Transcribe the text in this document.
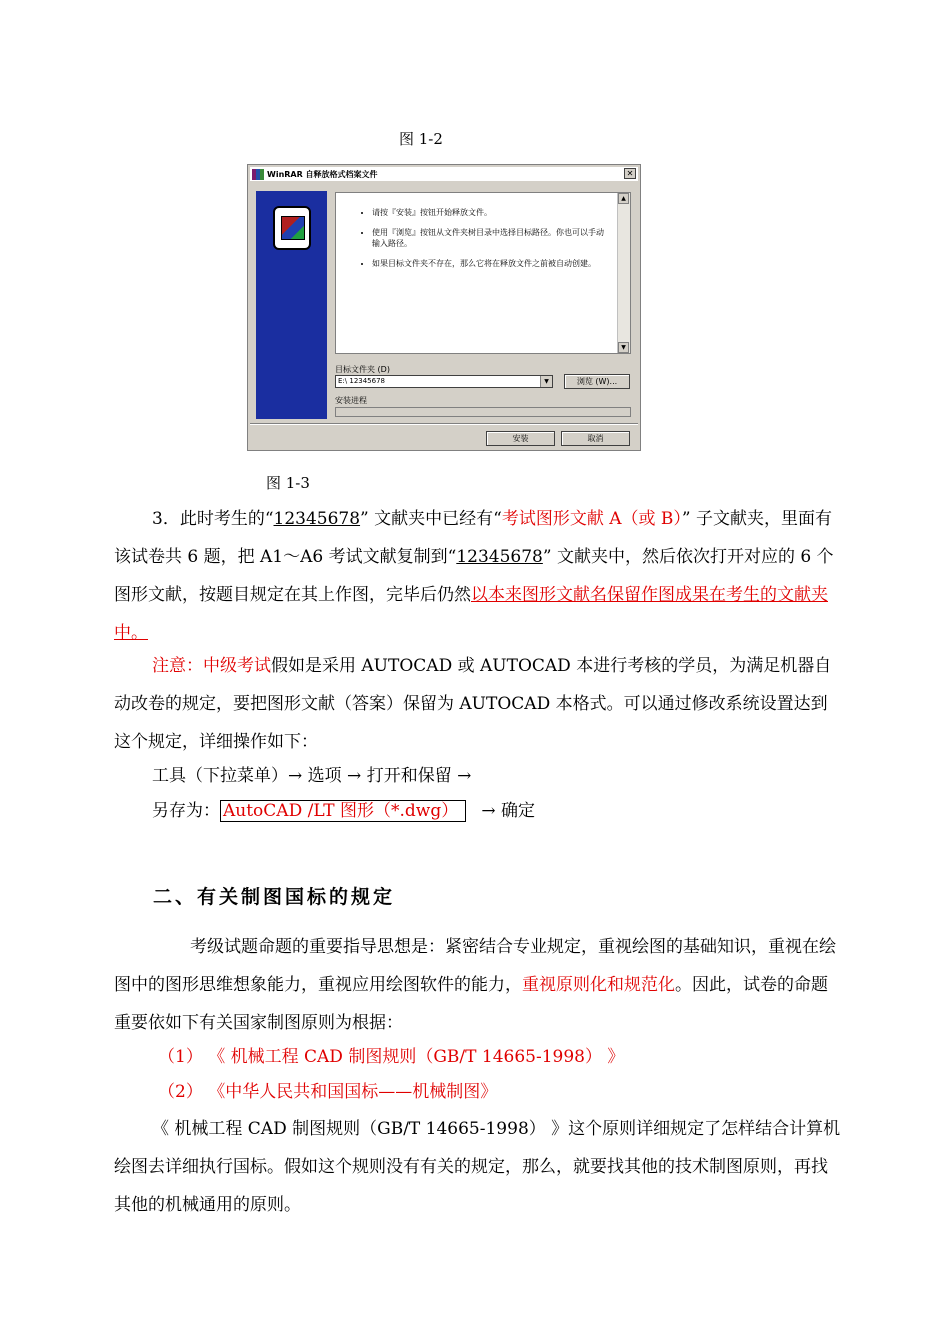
图 1-2
WinRAR 自释放格式档案文件	✕
• 请按『安装』按钮开始释放文件。
• 使用『浏览』按钮从文件夹树目录中选择目标路径。你也可以手动输入路径。
• 如果目标文件夹不存在，那么它将在释放文件之前被自动创建。
▲
▼
目标文件夹 (D)
E:\ 12345678	▼	浏览 (W)...
安装进程
安装	取消
图 1-3
3．此时考生的“12345678” 文献夹中已经有“考试图形文献 A（或 B）” 子文献夹，里面有该试卷共 6 题，把 A1～A6 考试文献复制到“12345678” 文献夹中，然后依次打开对应的 6 个图形文献，按题目规定在其上作图，完毕后仍然以本来图形文献名保留作图成果在考生的文献夹中。
注意：中级考试假如是采用 AUTOCAD 或 AUTOCAD 本进行考核的学员，为满足机器自动改卷的规定，要把图形文献（答案）保留为 AUTOCAD 本格式。可以通过修改系统设置达到这个规定，详细操作如下：
工具（下拉菜单）→ 选项 → 打开和保留 →
另存为： AutoCAD /LT 图形（*.dwg） → 确定
二、有关制图国标的规定
考级试题命题的重要指导思想是：紧密结合专业规定，重视绘图的基础知识，重视在绘图中的图形思维想象能力，重视应用绘图软件的能力，重视原则化和规范化。因此，试卷的命题重要依如下有关国家制图原则为根据：
（1） 《 机械工程 CAD 制图规则（GB/T 14665-1998） 》
（2） 《中华人民共和国国标——机械制图》
《 机械工程 CAD 制图规则（GB/T 14665-1998） 》这个原则详细规定了怎样结合计算机绘图去详细执行国标。假如这个规则没有有关的规定，那么，就要找其他的技术制图原则，再找其他的机械通用的原则。
